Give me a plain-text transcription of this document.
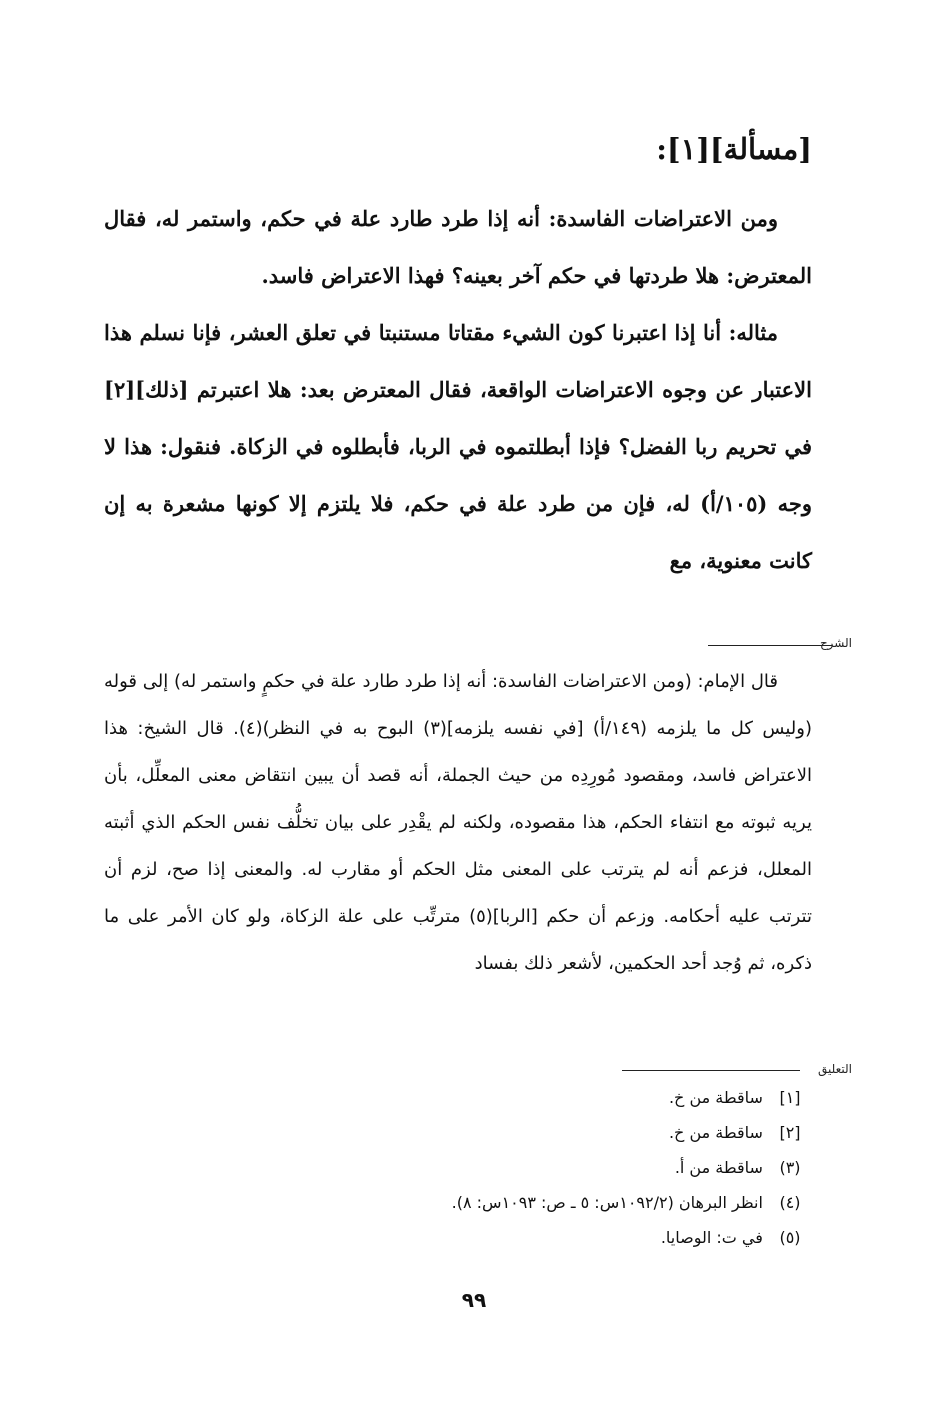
[مسألة][١]:

ومن الاعتراضات الفاسدة: أنه إذا طرد طارد علة في حكم، واستمر له، فقال المعترض: هلا طردتها في حكم آخر بعينه؟ فهذا الاعتراض فاسد.

مثاله: أنا إذا اعتبرنا كون الشيء مقتاتا مستنبتا في تعلق العشر، فإنا نسلم هذا الاعتبار عن وجوه الاعتراضات الواقعة، فقال المعترض بعد: هلا اعتبرتم [ذلك][٢] في تحريم ربا الفضل؟ فإذا أبطلتموه في الربا، فأبطلوه في الزكاة. فنقول: هذا لا وجه (١٠٥/أ) له، فإن من طرد علة في حكم، فلا يلتزم إلا كونها مشعرة به إن كانت معنوية، مع

الشرح

قال الإمام: (ومن الاعتراضات الفاسدة: أنه إذا طرد طارد علة في حكمٍ واستمر له) إلى قوله (وليس كل ما يلزمه (١٤٩/أ) [في نفسه يلزمه](٣) البوح به في النظر)(٤). قال الشيخ: هذا الاعتراض فاسد، ومقصود مُورِدِه من حيث الجملة، أنه قصد أن يبين انتقاض معنى المعلِّل، بأن يريه ثبوته مع انتفاء الحكم، هذا مقصوده، ولكنه لم يقْدِر على بيان تخلُّف نفس الحكم الذي أثبته المعلل، فزعم أنه لم يترتب على المعنى مثل الحكم أو مقارب له. والمعنى إذا صح، لزم أن تترتب عليه أحكامه. وزعم أن حكم [الربا](٥) مترتِّب على علة الزكاة، ولو كان الأمر على ما ذكره، ثم وُجد أحد الحكمين، لأشعر ذلك بفساد

التعليق
[١] ساقطة من خ.
[٢] ساقطة من خ.
(٣) ساقطة من أ.
(٤) انظر البرهان (١٠٩٢/٢س: ٥ ـ ص: ١٠٩٣س: ٨).
(٥) في ت: الوصايا.
٩٩
